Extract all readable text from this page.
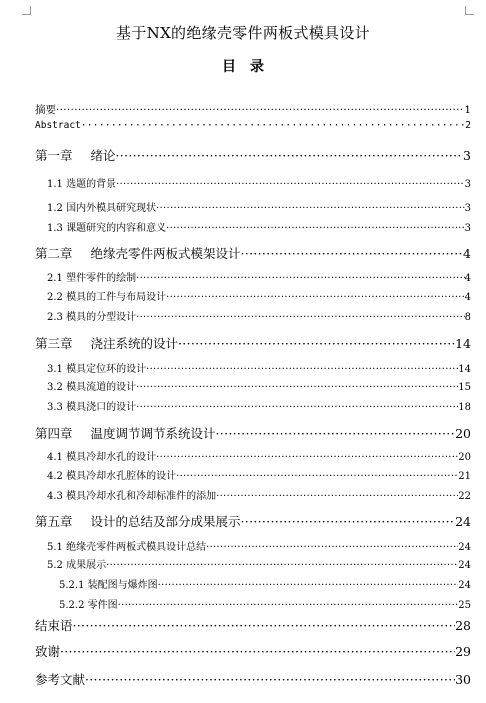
基于NX的绝缘壳零件两板式模具设计
目录
摘要 ·····	1
Abstract ·····	2
第一章 绪论 ·····	3
1.1 选题的背景 ·····	3
1.2 国内外模具研究现状 ·····	3
1.3 课题研究的内容和意义 ·····	3
第二章 绝缘壳零件两板式模架设计 ·····	4
2.1 塑件零件的绘制 ·····	4
2.2 模具的工件与布局设计 ·····	4
2.3 模具的分型设计 ·····	8
第三章 浇注系统的设计 ·····	14
3.1 模具定位环的设计 ·····	14
3.2 模具流道的设计 ·····	15
3.3 模具浇口的设计 ·····	18
第四章 温度调节调节系统设计 ·····	20
4.1 模具冷却水孔的设计 ·····	20
4.2 模具冷却水孔腔体的设计 ·····	21
4.3 模具冷却水孔和冷却标准件的添加 ·····	22
第五章 设计的总结及部分成果展示 ·····	24
5.1 绝缘壳零件两板式模具设计总结 ·····	24
5.2 成果展示 ·····	24
5.2.1 装配图与爆炸图 ·····	24
5.2.2 零件图 ·····	25
结束语 ·····	28
致谢 ·····	29
参考文献 ·····	30
